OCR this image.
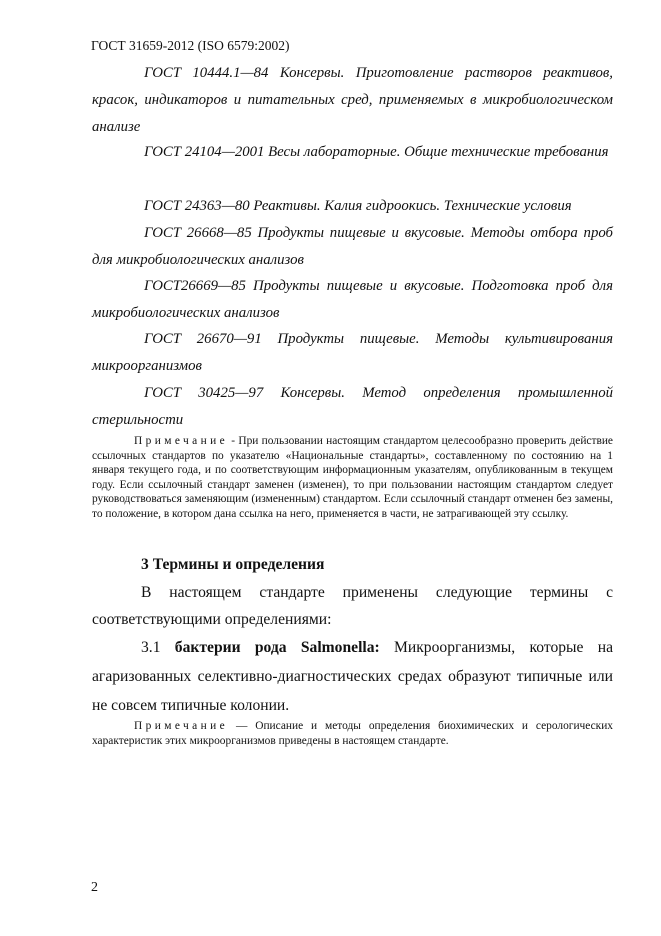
ГОСТ 31659-2012 (ISO 6579:2002)
ГОСТ 10444.1—84 Консервы. Приготовление растворов реактивов, красок, индикаторов и питательных сред, применяемых в микробиологическом анализе
ГОСТ 24104—2001 Весы лабораторные. Общие технические требования
ГОСТ 24363—80 Реактивы. Калия гидроокись. Технические условия
ГОСТ 26668—85 Продукты пищевые и вкусовые. Методы отбора проб для микробиологических анализов
ГОСТ26669—85 Продукты пищевые и вкусовые. Подготовка проб для микробиологических анализов
ГОСТ 26670—91 Продукты пищевые. Методы культивирования микроорганизмов
ГОСТ 30425—97 Консервы. Метод определения промышленной стерильности
Примечание - При пользовании настоящим стандартом целесообразно проверить действие ссылочных стандартов по указателю «Национальные стандарты», составленному по состоянию на 1 января текущего года, и по соответствующим информационным указателям, опубликованным в текущем году. Если ссылочный стандарт заменен (изменен), то при пользовании настоящим стандартом следует руководствоваться заменяющим (измененным) стандартом. Если ссылочный стандарт отменен без замены, то положение, в котором дана ссылка на него, применяется в части, не затрагивающей эту ссылку.
3 Термины и определения
В настоящем стандарте применены следующие термины с соответствующими определениями:
3.1 бактерии рода Salmonella: Микроорганизмы, которые на агаризованных селективно-диагностических средах образуют типичные или не совсем типичные колонии.
Примечание — Описание и методы определения биохимических и серологических характеристик этих микроорганизмов приведены в настоящем стандарте.
2
